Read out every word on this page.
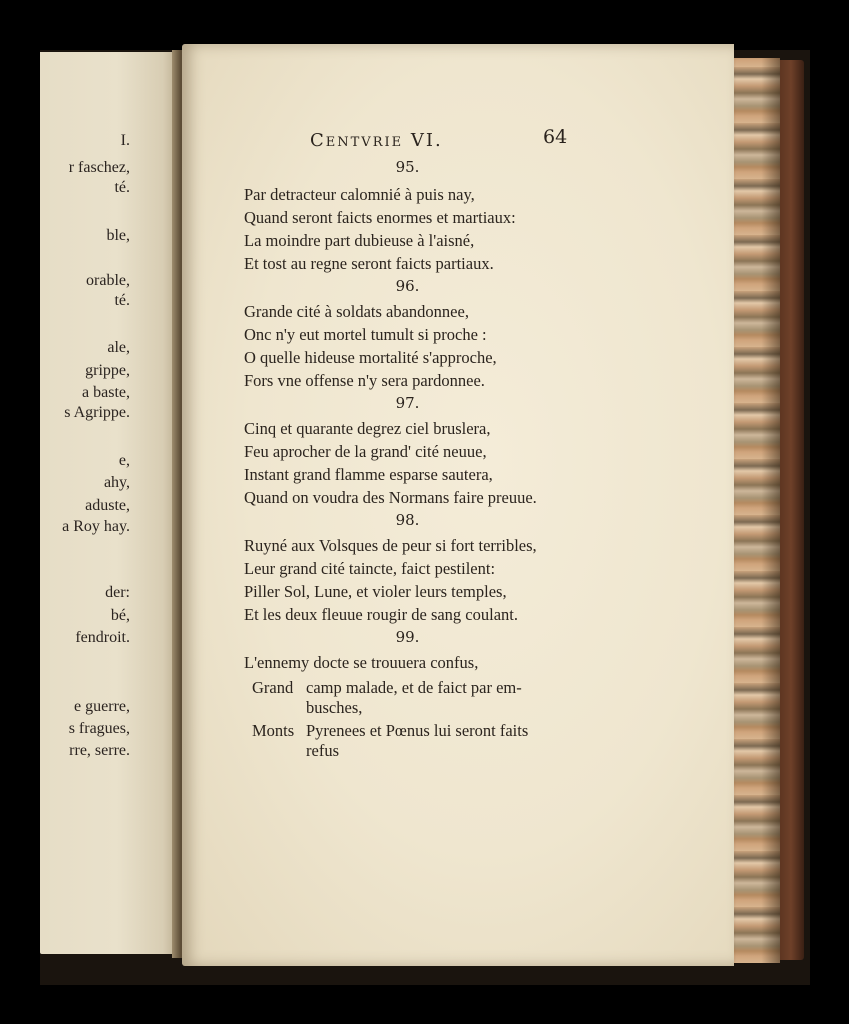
I.
r faschez,
té.
ble,
orable,
té.
ale,
grippe,
a baste,
s Agrippe.
e,
ahy,
aduste,
a Roy hay.
der:
bé,
fendroit.
e guerre,
s fragues,
rre, serre.
Centvrie VI.	64
95.
Par detracteur calomnié à puis nay,
Quand seront faicts enormes et martiaux:
La moindre part dubieuse à l'aisné,
Et tost au regne seront faicts partiaux.
96.
Grande cité à soldats abandonnee,
Onc n'y eut mortel tumult si proche :
O quelle hideuse mortalité s'approche,
Fors vne offense n'y sera pardonnee.
97.
Cinq et quarante degrez ciel bruslera,
Feu aprocher de la grand' cité neuue,
Instant grand flamme esparse sautera,
Quand on voudra des Normans faire preuue.
98.
Ruyné aux Volsques de peur si fort terribles,
Leur grand cité taincte, faict pestilent:
Piller Sol, Lune, et violer leurs temples,
Et les deux fleuue rougir de sang coulant.
99.
L'ennemy docte se trouuera confus,
Grand camp malade, et de faict par em-
busches,
Monts Pyrenees et Pœnus lui seront faits
refus
